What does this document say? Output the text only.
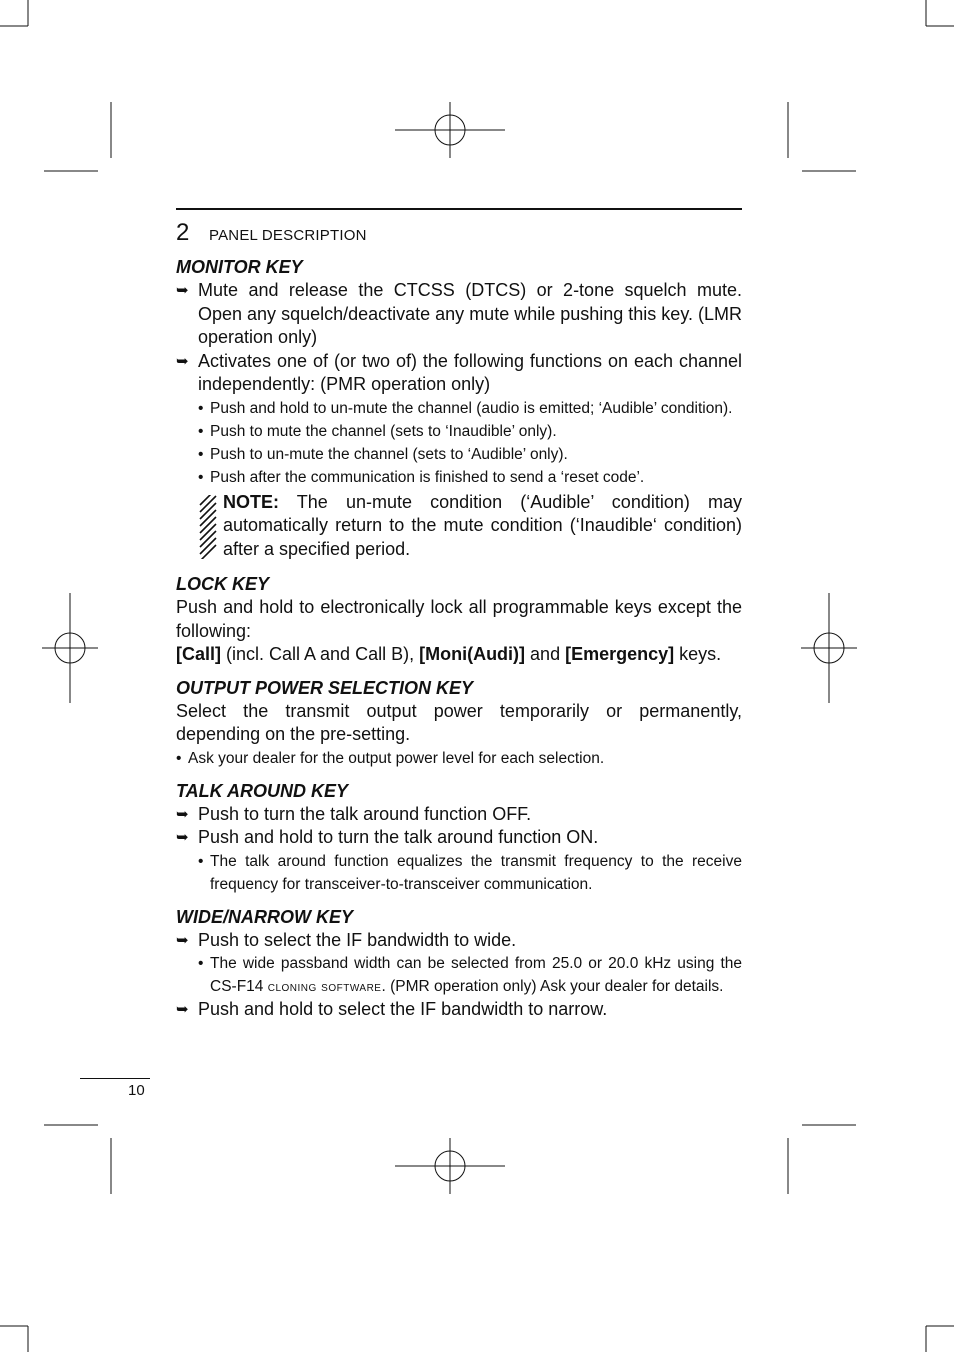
2 PANEL DESCRIPTION
MONITOR KEY
➥ Mute and release the CTCSS (DTCS) or 2-tone squelch mute. Open any squelch/deactivate any mute while pushing this key. (LMR operation only)
➥ Activates one of (or two of) the following functions on each channel independently: (PMR operation only)
• Push and hold to un-mute the channel (audio is emitted; ‘Audible’ condition).
• Push to mute the channel (sets to ‘Inaudible’ only).
• Push to un-mute the channel (sets to ‘Audible’ only).
• Push after the communication is finished to send a ‘reset code’.
NOTE: The un-mute condition (‘Audible’ condition) may automatically return to the mute condition (‘Inaudible‘ condition) after a specified period.
LOCK KEY

Push and hold to electronically lock all programmable keys except the following:

[Call] (incl. Call A and Call B), [Moni(Audi)] and [Emergency] keys.

OUTPUT POWER SELECTION KEY

Select the transmit output power temporarily or permanently, depending on the pre-setting.

• Ask your dealer for the output power level for each selection.
TALK AROUND KEY
➥ Push to turn the talk around function OFF.
➥ Push and hold to turn the talk around function ON.
• The talk around function equalizes the transmit frequency to the receive frequency for transceiver-to-transceiver communication.
WIDE/NARROW KEY
➥ Push to select the IF bandwidth to wide.
• The wide passband width can be selected from 25.0 or 20.0 kHz using the CS-F14 cloning software. (PMR operation only) Ask your dealer for details.
➥ Push and hold to select the IF bandwidth to narrow.
10
